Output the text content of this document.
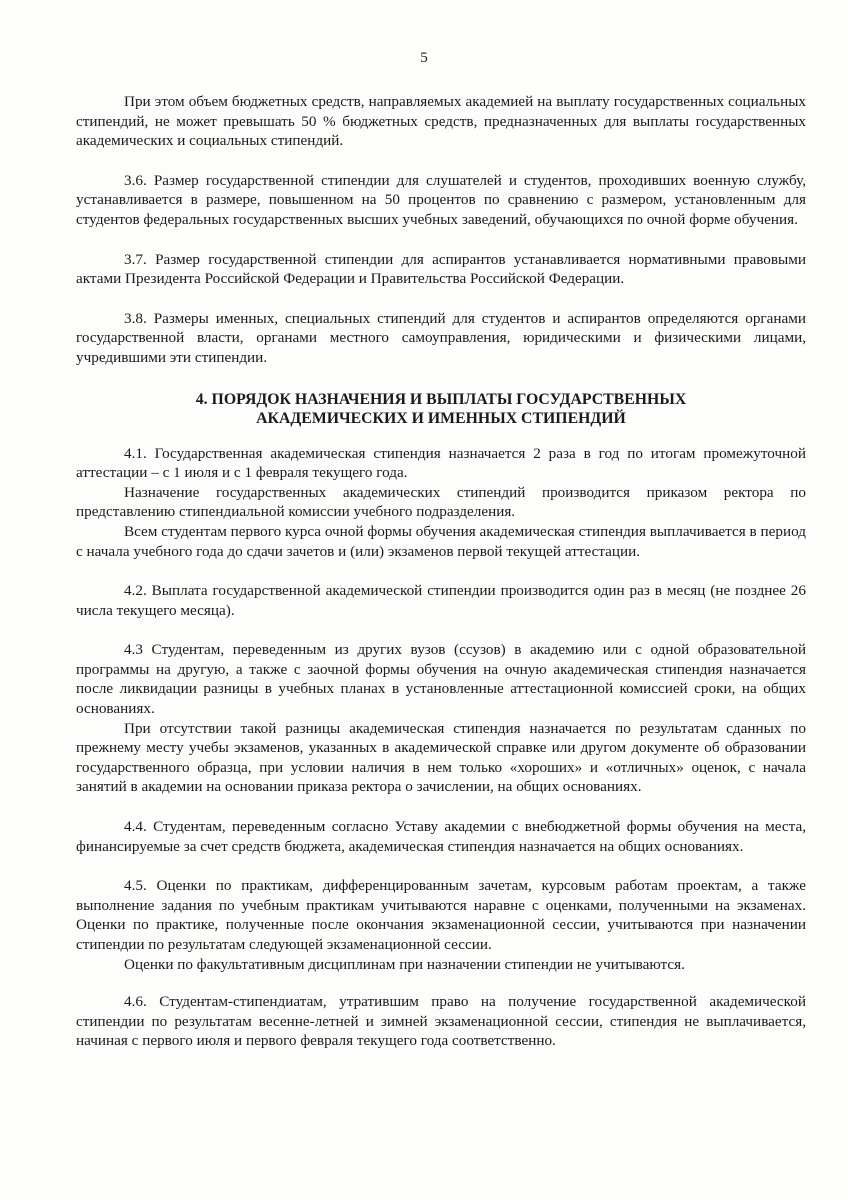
5

При этом объем бюджетных средств, направляемых академией на выплату государственных социальных стипендий, не может превышать 50 % бюджетных средств, предназначенных для выплаты государственных академических и социальных стипендий.

3.6. Размер государственной стипендии для слушателей и студентов, проходивших военную службу, устанавливается в размере, повышенном на 50 процентов по сравнению с размером, установленным для студентов федеральных государственных высших учебных заведений, обучающихся по очной форме обучения.

3.7. Размер государственной стипендии для аспирантов устанавливается нормативными правовыми актами Президента Российской Федерации и Правительства Российской Федерации.

3.8. Размеры именных, специальных стипендий для студентов и аспирантов определяются органами государственной власти, органами местного самоуправления, юридическими и физическими лицами, учредившими эти стипендии.

4. ПОРЯДОК НАЗНАЧЕНИЯ И ВЫПЛАТЫ ГОСУДАРСТВЕННЫХ
АКАДЕМИЧЕСКИХ И ИМЕННЫХ СТИПЕНДИЙ

4.1. Государственная академическая стипендия назначается 2 раза в год по итогам промежуточной аттестации – с 1 июля и с 1 февраля текущего года.

Назначение государственных академических стипендий производится приказом ректора по представлению стипендиальной комиссии учебного подразделения.

Всем студентам первого курса очной формы обучения академическая стипендия выплачивается в период с начала учебного года до сдачи зачетов и (или) экзаменов первой текущей аттестации.

4.2. Выплата государственной академической стипендии производится один раз в месяц (не позднее 26 числа текущего месяца).

4.3 Студентам, переведенным из других вузов (ссузов) в академию или с одной образовательной программы на другую, а также с заочной формы обучения на очную академическая стипендия назначается после ликвидации разницы в учебных планах в установленные аттестационной комиссией сроки, на общих основаниях.

При отсутствии такой разницы академическая стипендия назначается по результатам сданных по прежнему месту учебы экзаменов, указанных в академической справке или другом документе об образовании государственного образца, при условии наличия в нем только «хороших» и «отличных» оценок, с начала занятий в академии на основании приказа ректора о зачислении, на общих основаниях.

4.4. Студентам, переведенным согласно Уставу академии с внебюджетной формы обучения на места, финансируемые за счет средств бюджета, академическая стипендия назначается на общих основаниях.

4.5. Оценки по практикам, дифференцированным зачетам, курсовым работам проектам, а также выполнение задания по учебным практикам учитываются наравне с оценками, полученными на экзаменах. Оценки по практике, полученные после окончания экзаменационной сессии, учитываются при назначении стипендии по результатам следующей экзаменационной сессии.

Оценки по факультативным дисциплинам при назначении стипендии не учитываются.

4.6. Студентам-стипендиатам, утратившим право на получение государственной академической стипендии по результатам весенне-летней и зимней экзаменационной сессии, стипендия не выплачивается, начиная с первого июля и первого февраля текущего года соответственно.
